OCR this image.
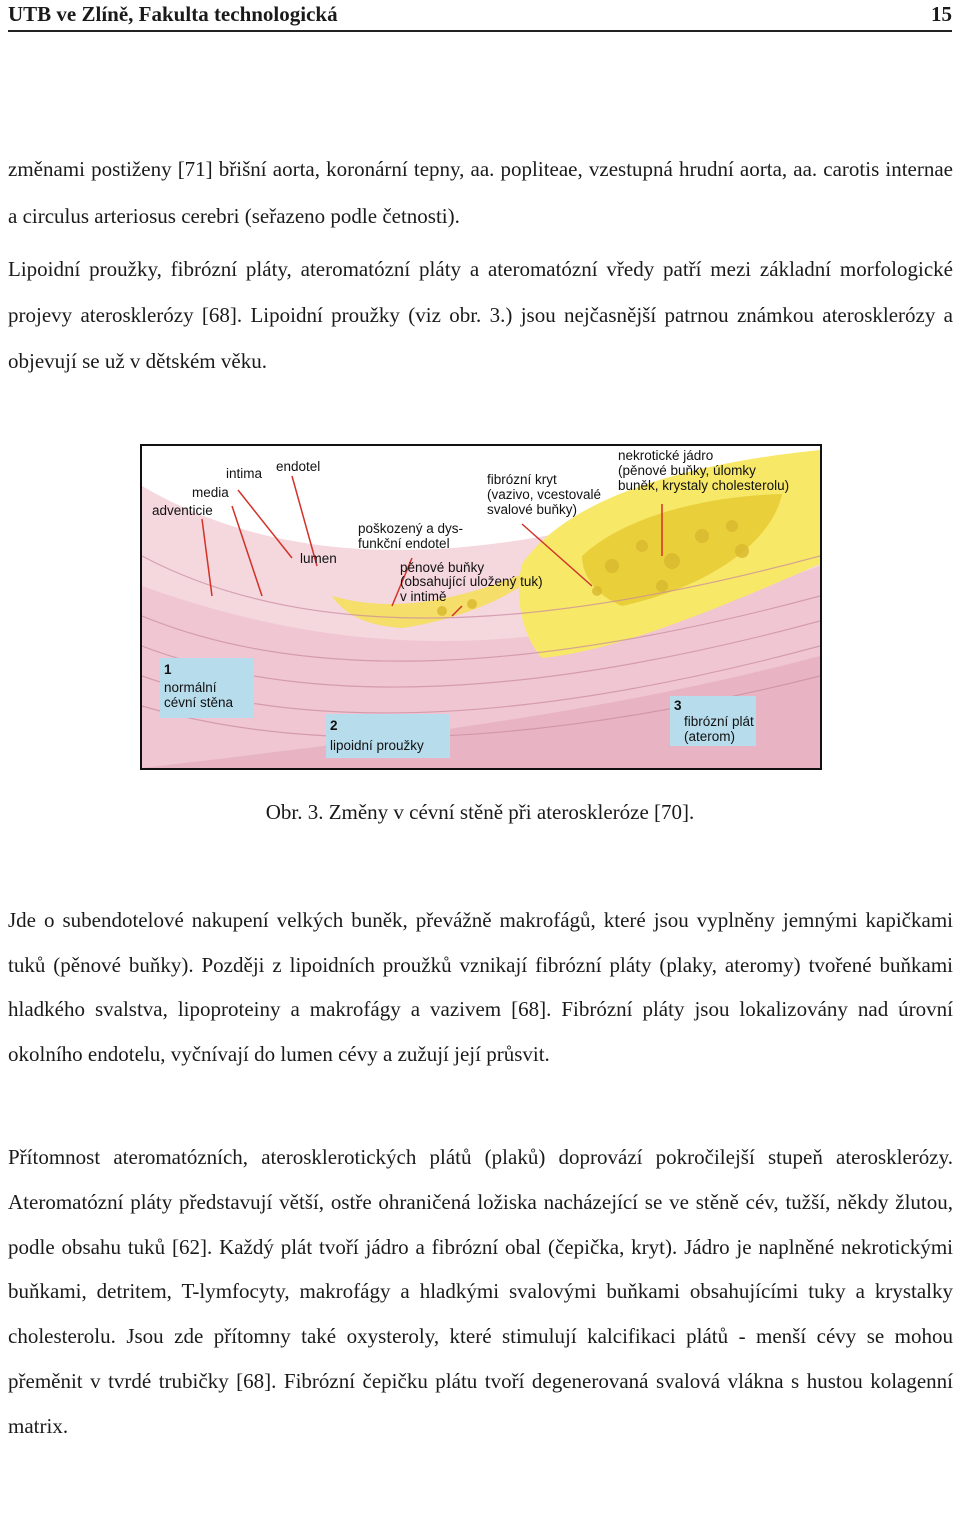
UTB ve Zlíně, Fakulta technologická	15
změnami postiženy [71] břišní aorta, koronární tepny, aa. popliteae, vzestupná hrudní aorta, aa. carotis internae a circulus arteriosus cerebri (seřazeno podle četnosti).
Lipoidní proužky, fibrózní pláty, ateromatózní pláty a ateromatózní vředy patří mezi základní morfologické projevy aterosklerózy [68]. Lipoidní proužky (viz obr. 3.) jsou nejčasnější patrnou známkou aterosklerózy a objevují se už v dětském věku.
intima endotel
media
adventicie
lumen
poškozený a dys-
funkční endotel
pěnové buňky
(obsahující uložený tuk)
v intimě
fibrózní kryt
(vazivo, vcestovalé
svalové buňky)
nekrotické jádro
(pěnové buňky, úlomky
buněk, krystaly cholesterolu)
1
normální
cévní stěna
2
lipoidní proužky
3
fibrózní plát
(aterom)
Obr. 3. Změny v cévní stěně při ateroskleróze [70].
Jde o subendotelové nakupení velkých buněk, převážně makrofágů, které jsou vyplněny jemnými kapičkami tuků (pěnové buňky). Později z lipoidních proužků vznikají fibrózní pláty (plaky, ateromy) tvořené buňkami hladkého svalstva, lipoproteiny a makrofágy a vazivem [68]. Fibrózní pláty jsou lokalizovány nad úrovní okolního endotelu, vyčnívají do lumen cévy a zužují její průsvit.
Přítomnost ateromatózních, aterosklerotických plátů (plaků) doprovází pokročilejší stupeň aterosklerózy. Ateromatózní pláty představují větší, ostře ohraničená ložiska nacházející se ve stěně cév, tužší, někdy žlutou, podle obsahu tuků [62]. Každý plát tvoří jádro a fibrózní obal (čepička, kryt). Jádro je naplněné nekrotickými buňkami, detritem, T-lymfocyty, makrofágy a hladkými svalovými buňkami obsahujícími tuky a krystalky cholesterolu. Jsou zde přítomny také oxysteroly, které stimulují kalcifikaci plátů - menší cévy se mohou přeměnit v tvrdé trubičky [68]. Fibrózní čepičku plátu tvoří degenerovaná svalová vlákna s hustou kolagenní matrix.
